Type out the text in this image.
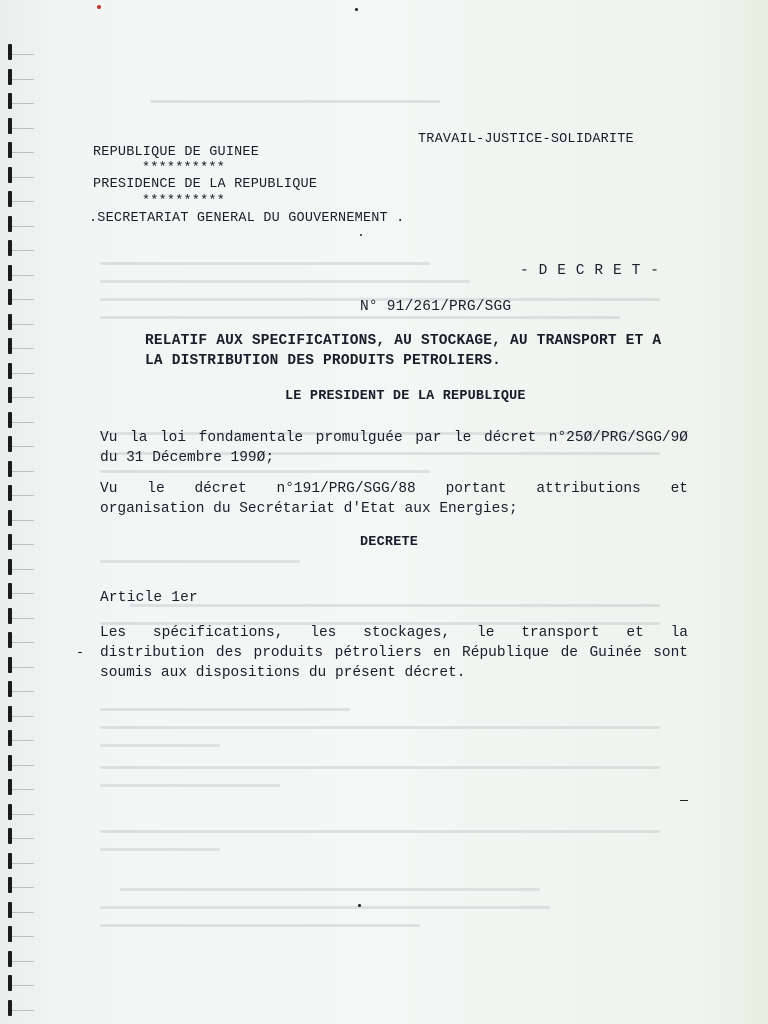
REPUBLIQUE DE GUINEE
**********
PRESIDENCE DE LA REPUBLIQUE
**********
.SECRETARIAT GENERAL DU GOUVERNEMENT .
TRAVAIL-JUSTICE-SOLIDARITE
- D E C R E T -
N° 91/261/PRG/SGG
RELATIF AUX SPECIFICATIONS, AU STOCKAGE, AU TRANSPORT ET A
LA DISTRIBUTION DES PRODUITS PETROLIERS.
LE PRESIDENT DE LA REPUBLIQUE
Vu la loi fondamentale promulguée par le décret n°25Ø/PRG/SGG/9Ø
du 31 Décembre 199Ø;
Vu le décret n°191/PRG/SGG/88 portant attributions et
organisation du Secrétariat d'Etat aux Energies;
DECRETE
Article 1er
Les spécifications, les stockages, le transport et la
distribution des produits pétroliers en République de Guinée sont
soumis aux dispositions du présent décret.
